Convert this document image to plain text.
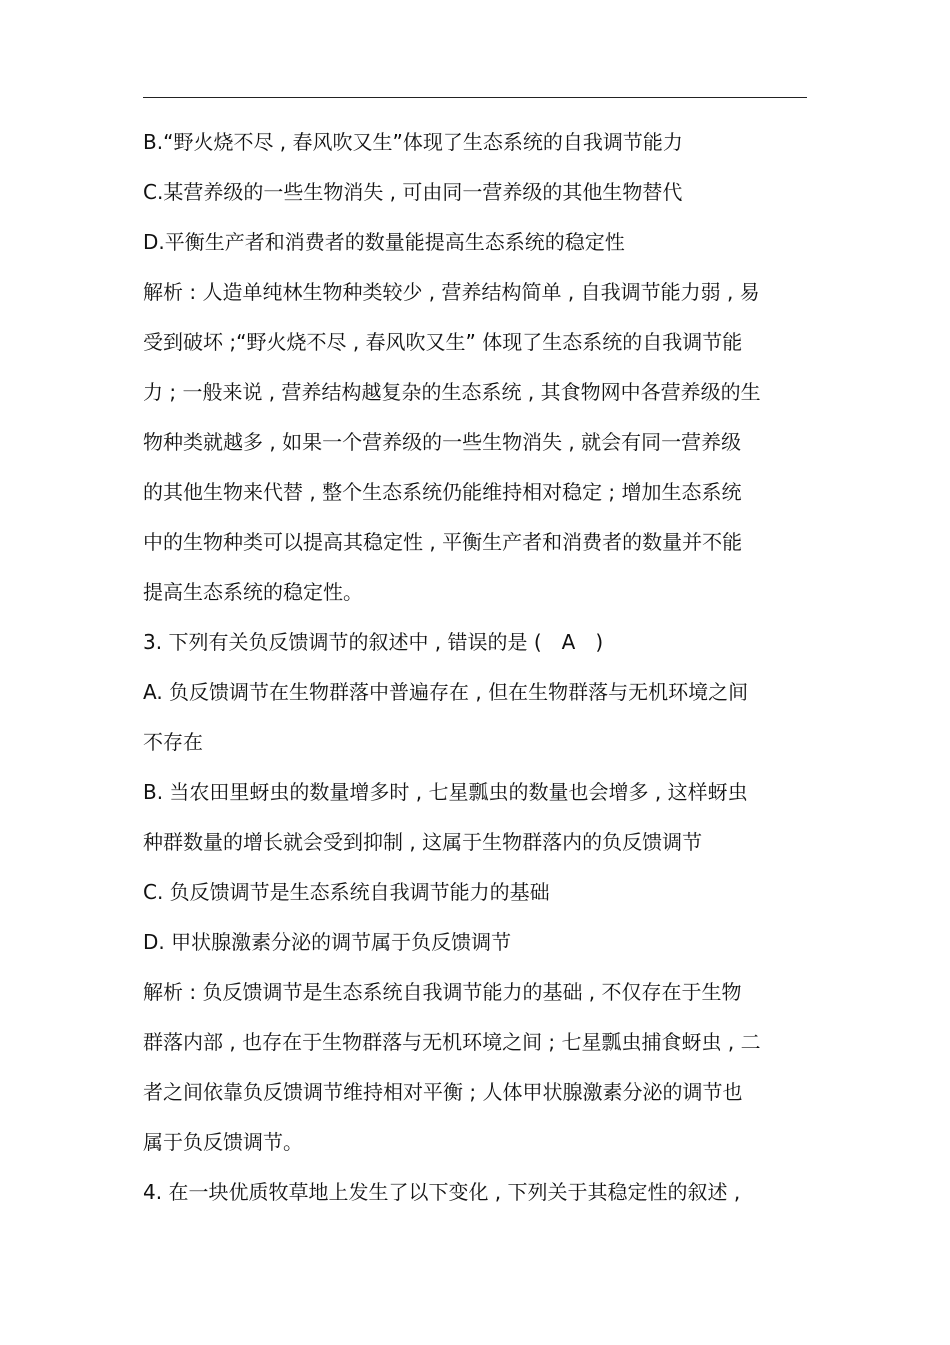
B.“野火烧不尽 , 春风吹又生”体现了生态系统的自我调节能力
C.某营养级的一些生物消失 , 可由同一营养级的其他生物替代
D.平衡生产者和消费者的数量能提高生态系统的稳定性
解析 : 人造单纯林生物种类较少 , 营养结构简单 , 自我调节能力弱 , 易
受到破坏 ;“野火烧不尽 , 春风吹又生” 体现了生态系统的自我调节能
力 ; 一般来说 , 营养结构越复杂的生态系统 , 其食物网中各营养级的生
物种类就越多 , 如果一个营养级的一些生物消失 , 就会有同一营养级
的其他生物来代替 , 整个生态系统仍能维持相对稳定 ; 增加生态系统
中的生物种类可以提高其稳定性 , 平衡生产者和消费者的数量并不能
提高生态系统的稳定性。
3. 下列有关负反馈调节的叙述中 , 错误的是 (　A　)
A. 负反馈调节在生物群落中普遍存在 , 但在生物群落与无机环境之间
不存在
B. 当农田里蚜虫的数量增多时 , 七星瓢虫的数量也会增多 , 这样蚜虫
种群数量的增长就会受到抑制 , 这属于生物群落内的负反馈调节
C. 负反馈调节是生态系统自我调节能力的基础
D. 甲状腺激素分泌的调节属于负反馈调节
解析 : 负反馈调节是生态系统自我调节能力的基础 , 不仅存在于生物
群落内部 , 也存在于生物群落与无机环境之间 ; 七星瓢虫捕食蚜虫 , 二
者之间依靠负反馈调节维持相对平衡 ; 人体甲状腺激素分泌的调节也
属于负反馈调节。
4. 在一块优质牧草地上发生了以下变化 , 下列关于其稳定性的叙述 ,
